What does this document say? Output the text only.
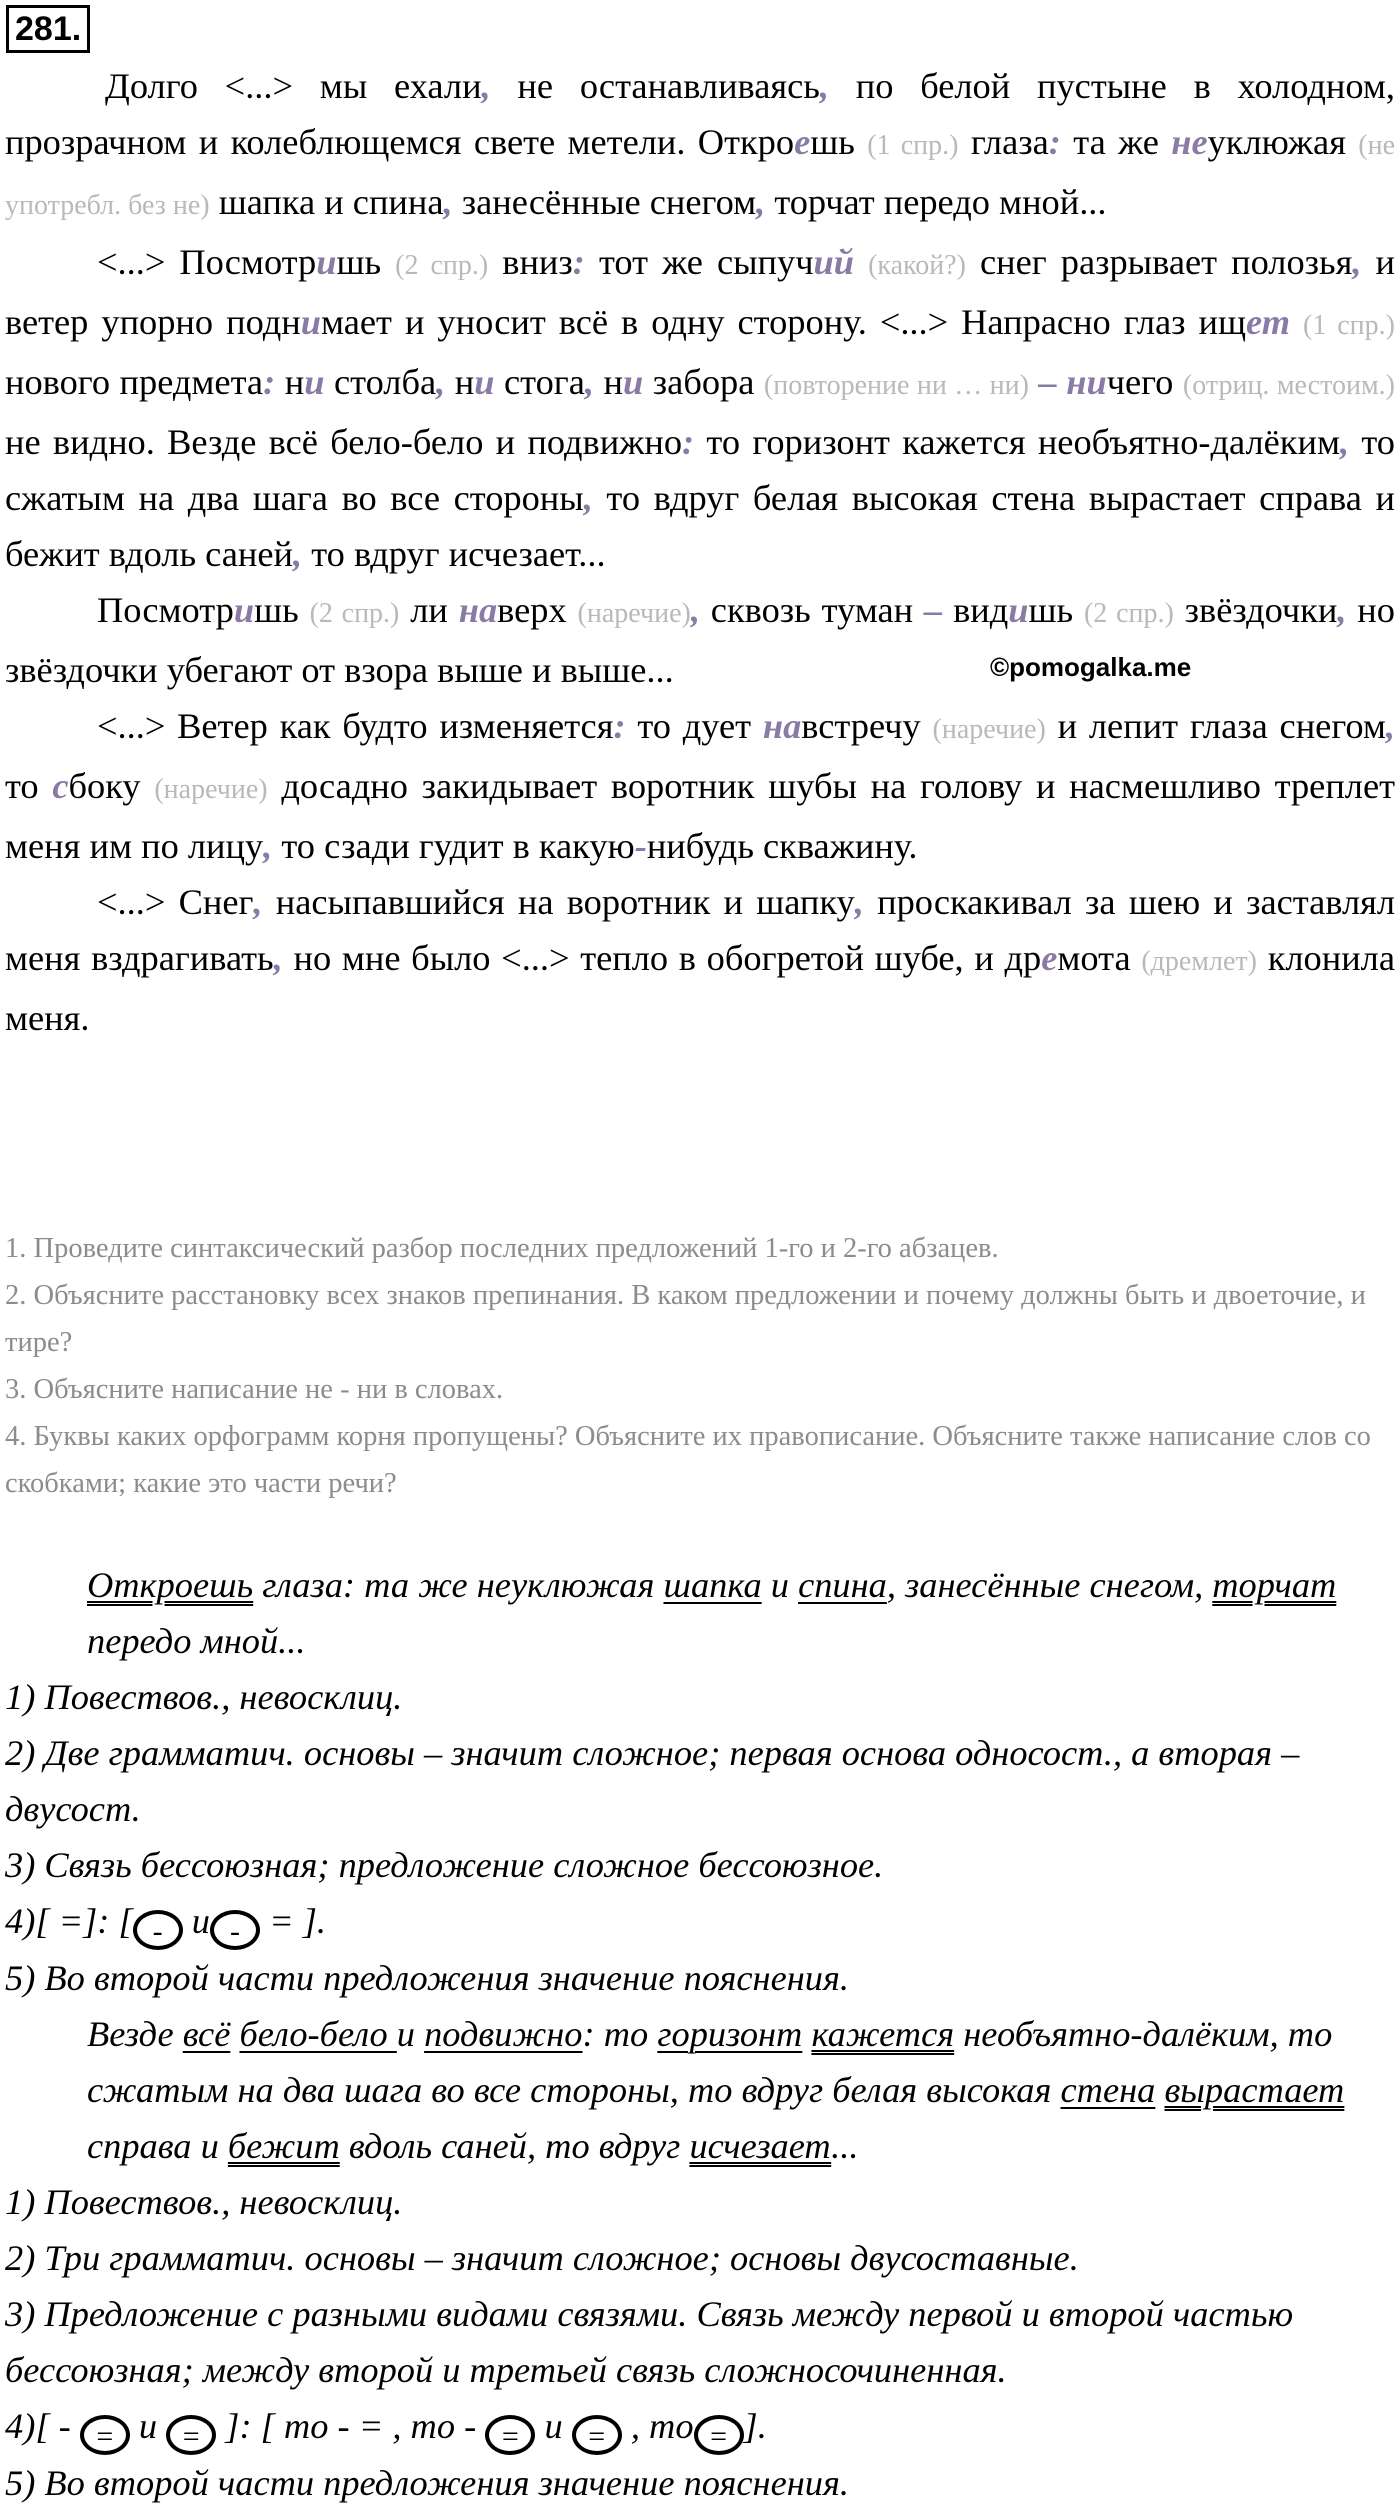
281.
©pomogalka.me

Долго <...> мы ехали, не останавливаясь, по белой пустыне в холодном, прозрачном и колеблющемся свете метели. Откроешь (1 спр.) глаза: та же неуклюжая (не употребл. без не) шапка и спина, занесённые снегом, торчат передо мной...

<...> Посмотришь (2 спр.) вниз: тот же сыпучий (какой?) снег разрывает полозья, и ветер упорно поднимает и уносит всё в одну сторону. <...> Напрасно глаз ищет (1 спр.) нового предмета: ни столба, ни стога, ни забора (повторение ни … ни) – ничего (отриц. местоим.) не видно. Везде всё бело-бело и подвижно: то горизонт кажется необъятно-далёким, то сжатым на два шага во все стороны, то вдруг белая высокая стена вырастает справа и бежит вдоль саней, то вдруг исчезает...

Посмотришь (2 спр.) ли наверх (наречие), сквозь туман – видишь (2 спр.) звёздочки, но звёздочки убегают от взора выше и выше...

<...> Ветер как будто изменяется: то дует навстречу (наречие) и лепит глаза снегом, то сбоку (наречие) досадно закидывает воротник шубы на голову и насмешливо треплет меня им по лицу, то сзади гудит в какую-нибудь скважину.

<...> Снег, насыпавшийся на воротник и шапку, проскакивал за шею и заставлял меня вздрагивать, но мне было <...> тепло в обогретой шубе, и дремота (дремлет) клонила меня.

1. Проведите синтаксический разбор последних предложений 1-го и 2-го абзацев.
2. Объясните расстановку всех знаков препинания. В каком предложении и почему должны быть и двоеточие, и тире?
3. Объясните написание не - ни в словах.
4. Буквы каких орфограмм корня пропущены? Объясните их правописание. Объясните также написание слов со скобками; какие это части речи?
Откроешь глаза: та же неуклюжая шапка и спина, занесённые снегом, торчат передо мной...
1) Повествов., невосклиц.
2) Две грамматич. основы – значит сложное; первая основа односост., а вторая – двусост.
3) Связь бессоюзная; предложение сложное бессоюзное.
4)[ =]: [ - и - = ].
5) Во второй части предложения значение пояснения.
Везде всё бело-бело и подвижно: то горизонт кажется необъятно-далёким, то сжатым на два шага во все стороны, то вдруг белая высокая стена вырастает справа и бежит вдоль саней, то вдруг исчезает...
1) Повествов., невосклиц.
2) Три грамматич. основы – значит сложное; основы двусоставные.
3) Предложение с разными видами связями. Связь между первой и второй частью бессоюзная; между второй и третьей связь сложносочиненная.
4)[ - = и = ]: [ то - = , то - = и = , то = ].
5) Во второй части предложения значение пояснения.
